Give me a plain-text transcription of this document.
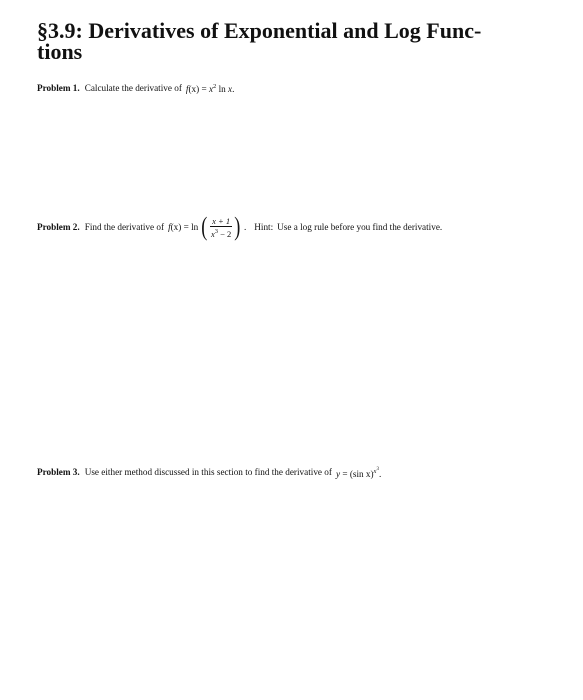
§3.9: Derivatives of Exponential and Log Func-
tions
Problem 1. Calculate the derivative of $f(x) = x^2$ ln x.
Problem 2. Find the derivative of f(x) = ln ( $\frac{x + 1}{x^3 - 2}$ ) . Hint: Use a log rule before you find the derivative.
Problem 3. Use either method discussed in this section to find the derivative of y = (sin x)$^{x^3}$.
